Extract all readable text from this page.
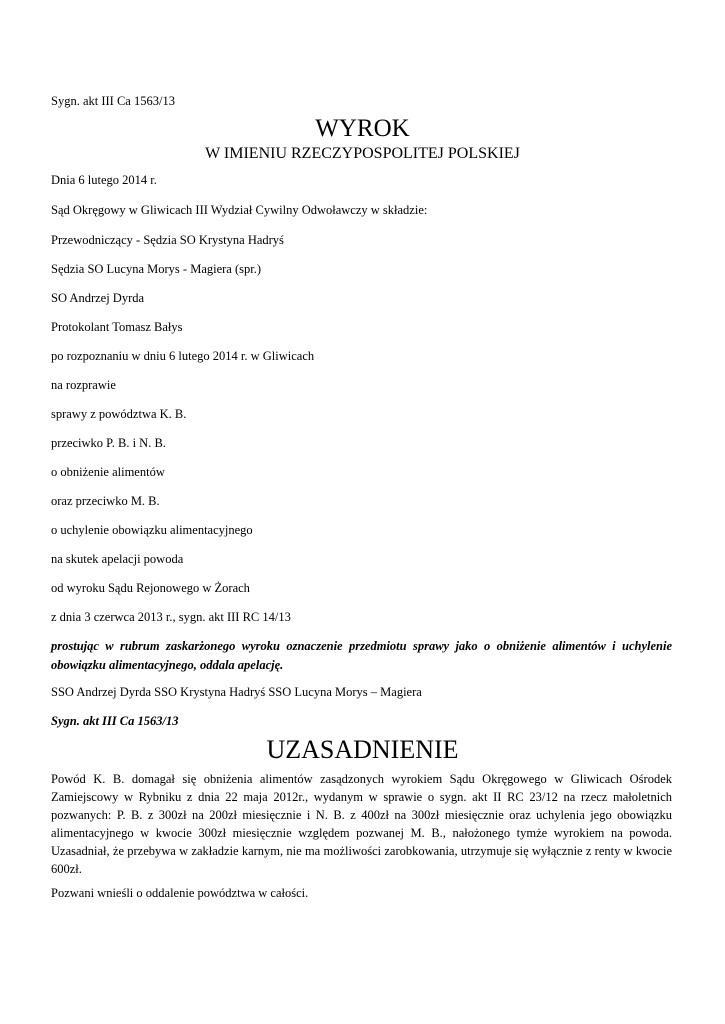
Sygn. akt III Ca 1563/13
WYROK
W IMIENIU RZECZYPOSPOLITEJ POLSKIEJ
Dnia 6 lutego 2014 r.
Sąd Okręgowy w Gliwicach III Wydział Cywilny Odwoławczy w składzie:
Przewodniczący - Sędzia SO Krystyna Hadryś
Sędzia SO Lucyna Morys - Magiera (spr.)
SO Andrzej Dyrda
Protokolant Tomasz Bałys
po rozpoznaniu w dniu 6 lutego 2014 r. w Gliwicach
na rozprawie
sprawy z powództwa K. B.
przeciwko P. B. i N. B.
o obniżenie alimentów
oraz przeciwko M. B.
o uchylenie obowiązku alimentacyjnego
na skutek apelacji powoda
od wyroku Sądu Rejonowego w Żorach
z dnia 3 czerwca 2013 r., sygn. akt III RC 14/13
prostując w rubrum zaskarżonego wyroku oznaczenie przedmiotu sprawy jako o obniżenie alimentów i uchylenie obowiązku alimentacyjnego, oddala apelację.
SSO Andrzej Dyrda SSO Krystyna Hadryś SSO Lucyna Morys – Magiera
Sygn. akt III Ca 1563/13
UZASADNIENIE
Powód K. B. domagał się obniżenia alimentów zasądzonych wyrokiem Sądu Okręgowego w Gliwicach Ośrodek Zamiejscowy w Rybniku z dnia 22 maja 2012r., wydanym w sprawie o sygn. akt II RC 23/12 na rzecz małoletnich pozwanych: P. B. z 300zł na 200zł miesięcznie i N. B. z 400zł na 300zł miesięcznie oraz uchylenia jego obowiązku alimentacyjnego w kwocie 300zł miesięcznie względem pozwanej M. B., nałożonego tymże wyrokiem na powoda. Uzasadniał, że przebywa w zakładzie karnym, nie ma możliwości zarobkowania, utrzymuje się wyłącznie z renty w kwocie 600zł.
Pozwani wnieśli o oddalenie powództwa w całości.
